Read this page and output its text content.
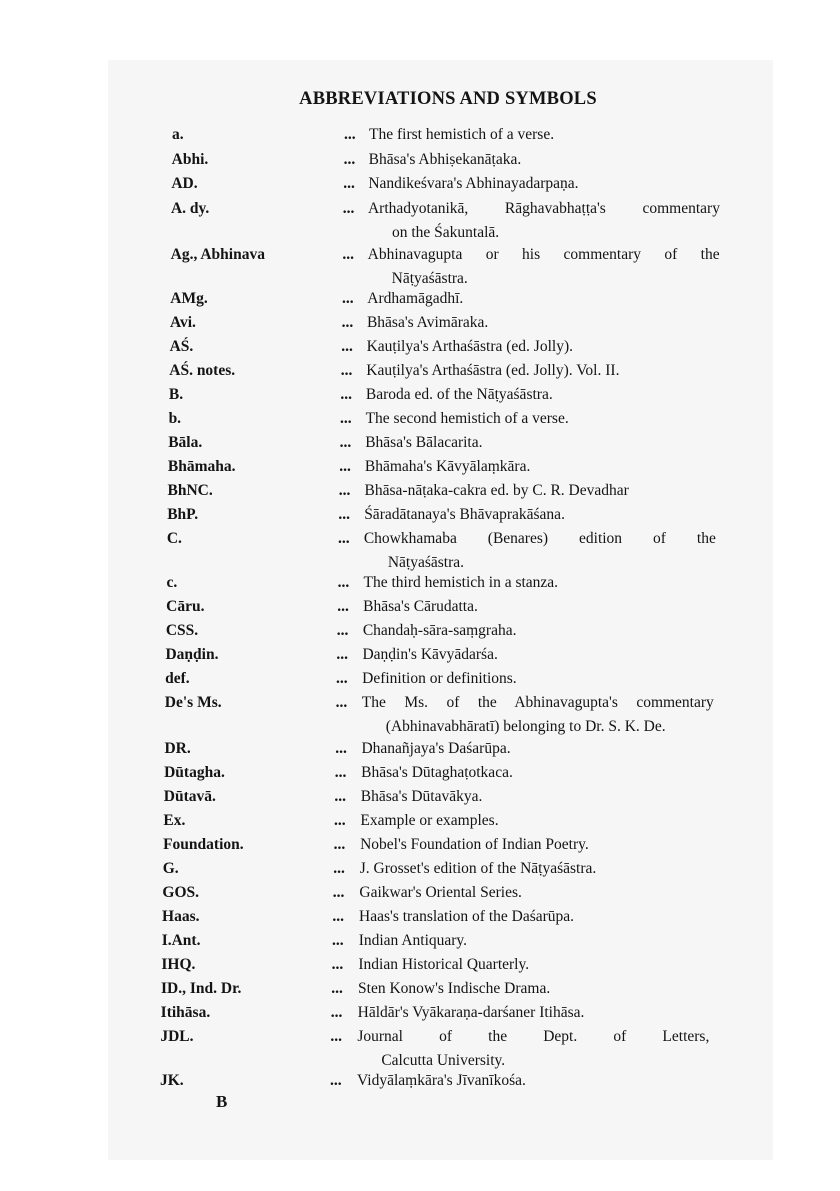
ABBREVIATIONS AND SYMBOLS
a.	... The first hemistich of a verse.
Abhi.	... Bhāsa's Abhiṣekanāṭaka.
AD.	... Nandikeśvara's Abhinayadarpaṇa.
A. dy.	... Arthadyotanikā, Rāghavabhaṭṭa's commentary
on the Śakuntalā.
Ag., Abhinava	... Abhinavagupta or his commentary of the
Nāṭyaśāstra.
AMg.	... Ardhamāgadhī.
Avi.	... Bhāsa's Avimāraka.
AŚ.	... Kauṭilya's Arthaśāstra (ed. Jolly).
AŚ. notes.	... Kauṭilya's Arthaśāstra (ed. Jolly). Vol. II.
B.	... Baroda ed. of the Nāṭyaśāstra.
b.	... The second hemistich of a verse.
Bāla.	... Bhāsa's Bālacarita.
Bhāmaha.	... Bhāmaha's Kāvyālaṃkāra.
BhNC.	... Bhāsa-nāṭaka-cakra ed. by C. R. Devadhar
BhP.	... Śāradātanaya's Bhāvaprakāśana.
C.	... Chowkhamaba (Benares) edition of the
Nāṭyaśāstra.
c.	... The third hemistich in a stanza.
Cāru.	... Bhāsa's Cārudatta.
CSS.	... Chandaḥ-sāra-saṃgraha.
Daṇḍin.	... Daṇḍin's Kāvyādarśa.
def.	... Definition or definitions.
De's Ms.	... The Ms. of the Abhinavagupta's commentary
(Abhinavabhāratī) belonging to Dr. S. K. De.
DR.	... Dhanañjaya's Daśarūpa.
Dūtagha.	... Bhāsa's Dūtaghaṭotkaca.
Dūtavā.	... Bhāsa's Dūtavākya.
Ex.	... Example or examples.
Foundation.	... Nobel's Foundation of Indian Poetry.
G.	... J. Grosset's edition of the Nāṭyaśāstra.
GOS.	... Gaikwar's Oriental Series.
Haas.	... Haas's translation of the Daśarūpa.
I.Ant.	... Indian Antiquary.
IHQ.	... Indian Historical Quarterly.
ID., Ind. Dr.	... Sten Konow's Indische Drama.
Itihāsa.	... Hāldār's Vyākaraṇa-darśaner Itihāsa.
JDL.	... Journal of the Dept. of Letters,
Calcutta University.
JK.	... Vidyālaṃkāra's Jīvanīkośa.
B
